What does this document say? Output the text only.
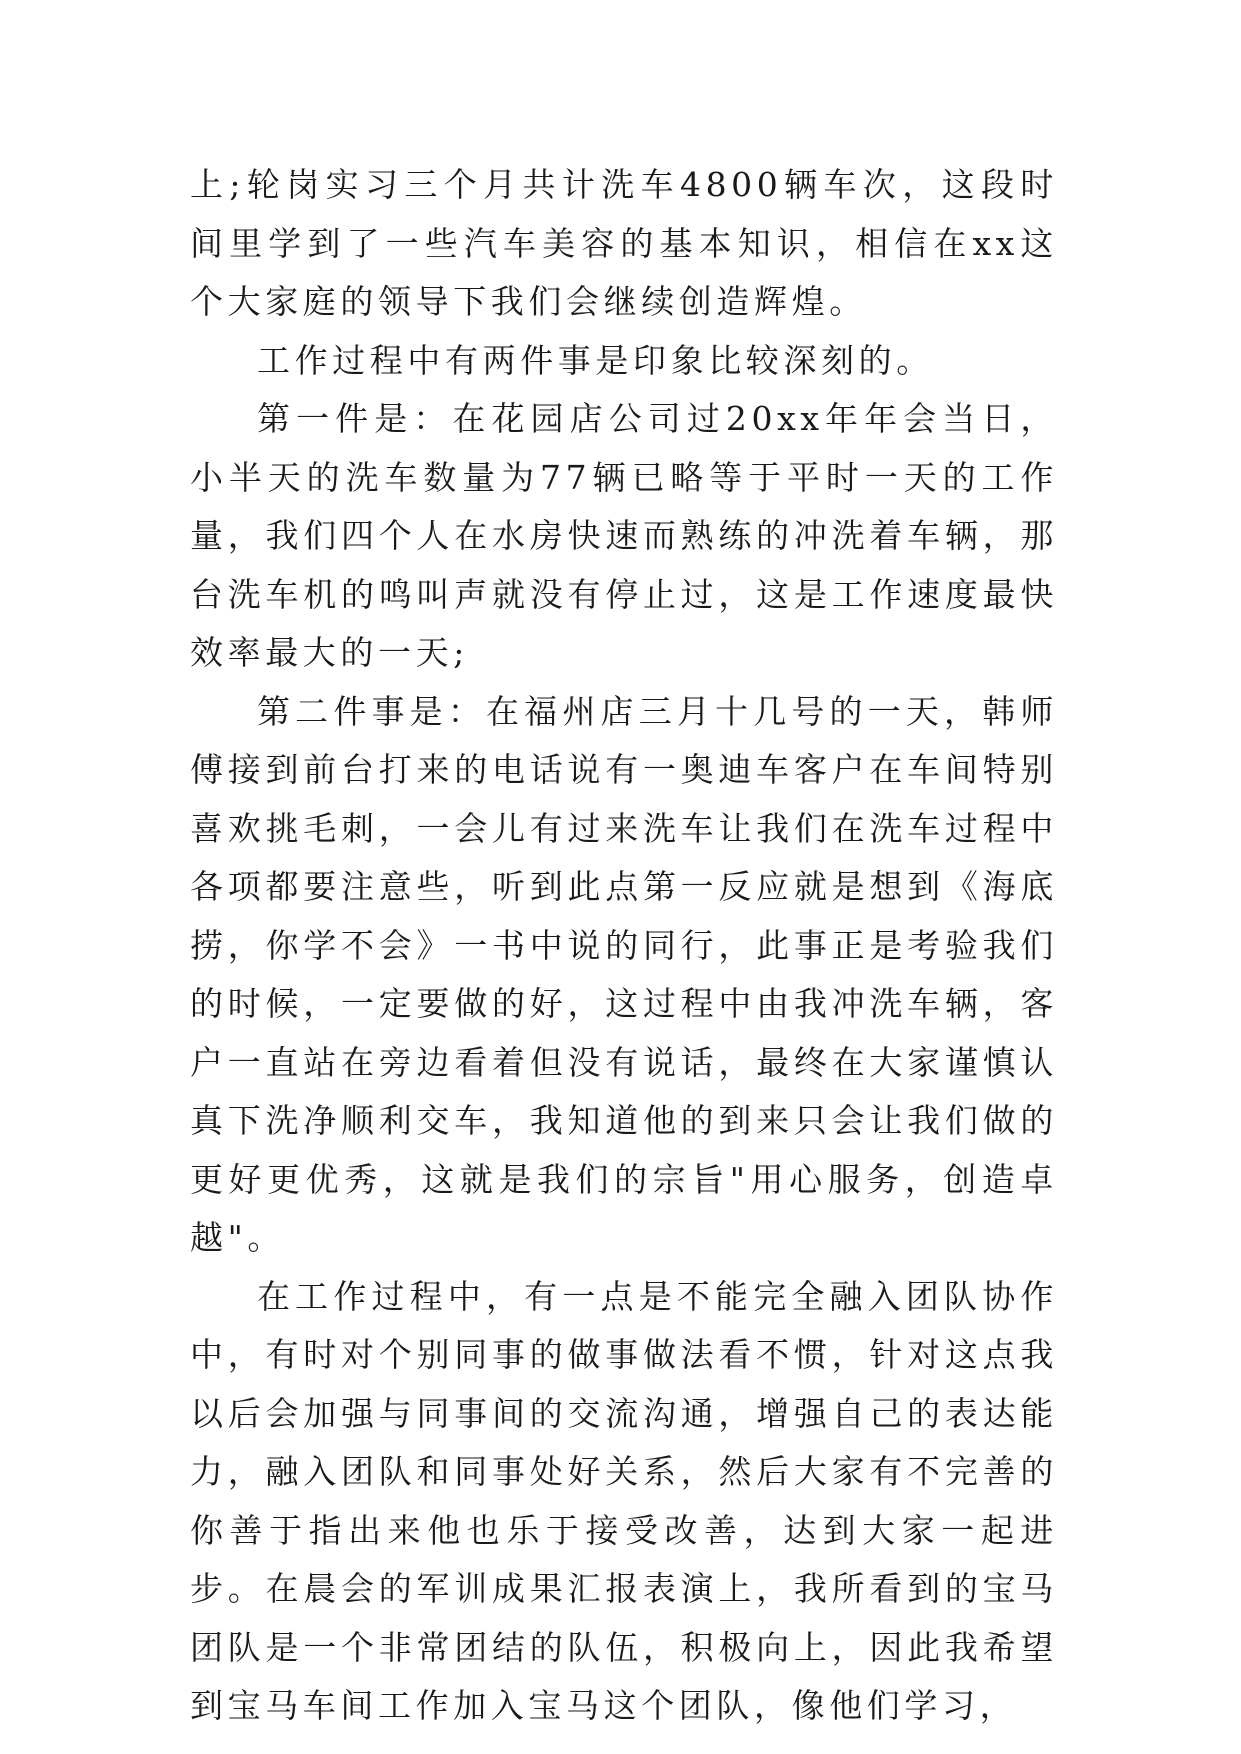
上;轮岗实习三个月共计洗车4800辆车次，这段时间里学到了一些汽车美容的基本知识，相信在xx这个大家庭的领导下我们会继续创造辉煌。

工作过程中有两件事是印象比较深刻的。

第一件是：在花园店公司过20xx年年会当日，小半天的洗车数量为77辆已略等于平时一天的工作量，我们四个人在水房快速而熟练的冲洗着车辆，那台洗车机的鸣叫声就没有停止过，这是工作速度最快效率最大的一天;

第二件事是：在福州店三月十几号的一天，韩师傅接到前台打来的电话说有一奥迪车客户在车间特别喜欢挑毛刺，一会儿有过来洗车让我们在洗车过程中各项都要注意些，听到此点第一反应就是想到《海底捞，你学不会》一书中说的同行，此事正是考验我们的时候，一定要做的好，这过程中由我冲洗车辆，客户一直站在旁边看着但没有说话，最终在大家谨慎认真下洗净顺利交车，我知道他的到来只会让我们做的更好更优秀，这就是我们的宗旨"用心服务，创造卓越"。

在工作过程中，有一点是不能完全融入团队协作中，有时对个别同事的做事做法看不惯，针对这点我以后会加强与同事间的交流沟通，增强自己的表达能力，融入团队和同事处好关系，然后大家有不完善的你善于指出来他也乐于接受改善，达到大家一起进步。在晨会的军训成果汇报表演上，我所看到的宝马团队是一个非常团结的队伍，积极向上，因此我希望到宝马车间工作加入宝马这个团队，像他们学习，
